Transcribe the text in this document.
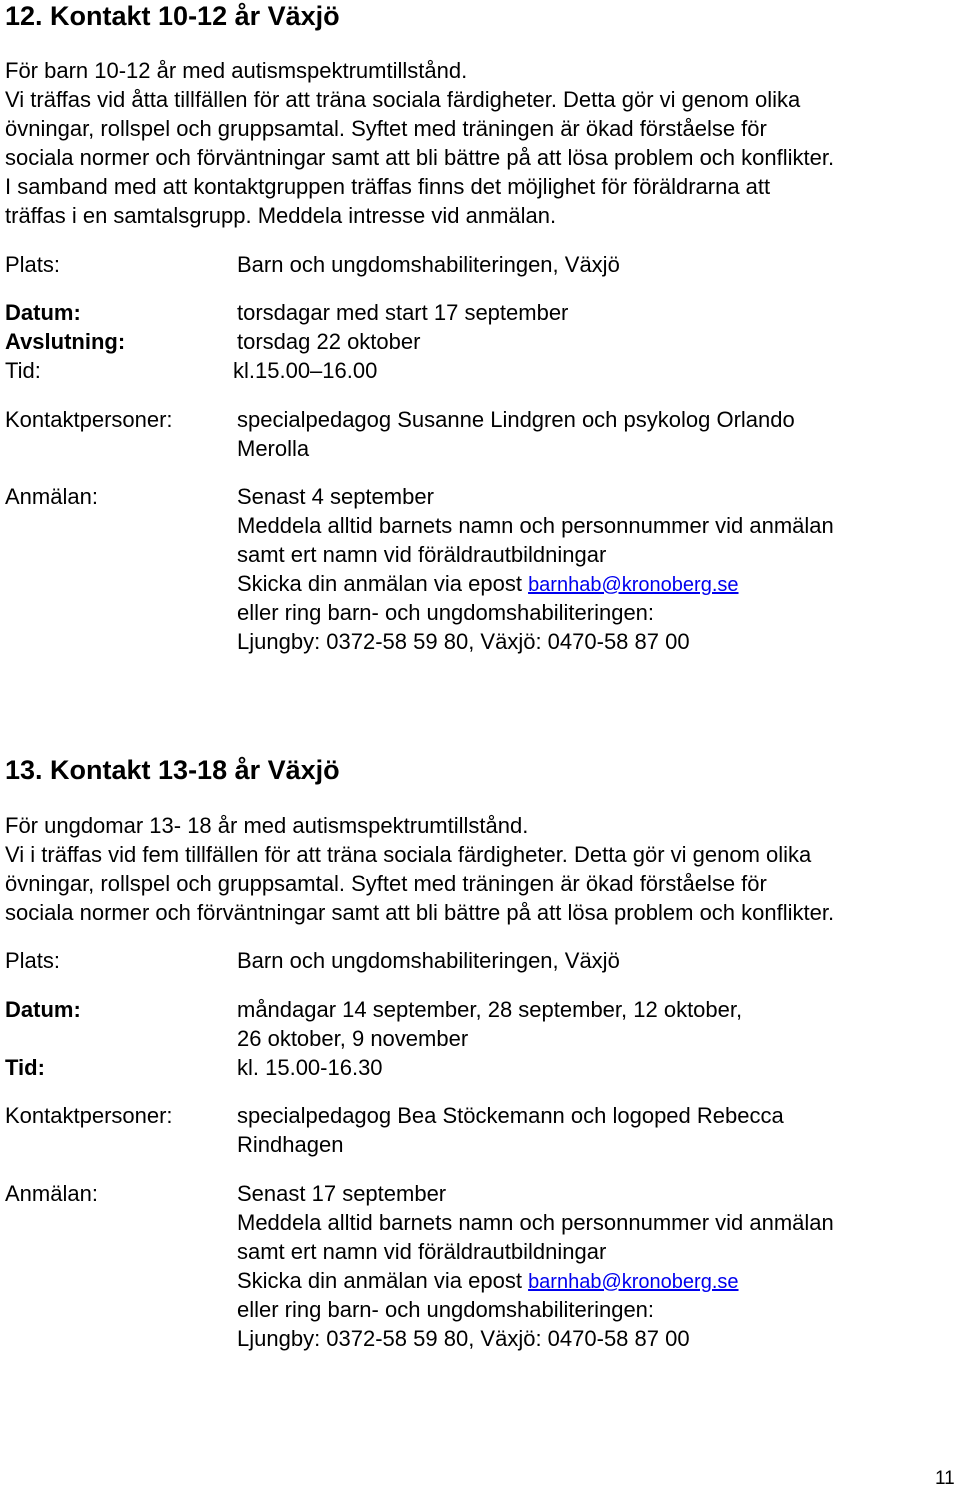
12. Kontakt 10-12 år Växjö
För barn 10-12 år med autismspektrumtillstånd.
Vi träffas vid åtta tillfällen för att träna sociala färdigheter. Detta gör vi genom olika
övningar, rollspel och gruppsamtal. Syftet med träningen är ökad förståelse för
sociala normer och förväntningar samt att bli bättre på att lösa problem och konflikter.
I samband med att kontaktgruppen träffas finns det möjlighet för föräldrarna att
träffas i en samtalsgrupp. Meddela intresse vid anmälan.
Plats:	Barn och ungdomshabiliteringen, Växjö
Datum:	torsdagar med start 17 september
Avslutning:	torsdag 22 oktober
Tid:	kl.15.00–16.00
Kontaktpersoner:	specialpedagog Susanne Lindgren och psykolog Orlando
Merolla
Anmälan:	Senast 4 september
Meddela alltid barnets namn och personnummer vid anmälan
samt ert namn vid föräldrautbildningar
Skicka din anmälan via epost barnhab@kronoberg.se
eller ring barn- och ungdomshabiliteringen:
Ljungby: 0372-58 59 80, Växjö: 0470-58 87 00
13. Kontakt 13-18 år Växjö
För ungdomar 13- 18 år med autismspektrumtillstånd.
Vi i träffas vid fem tillfällen för att träna sociala färdigheter. Detta gör vi genom olika
övningar, rollspel och gruppsamtal. Syftet med träningen är ökad förståelse för
sociala normer och förväntningar samt att bli bättre på att lösa problem och konflikter.
Plats:	Barn och ungdomshabiliteringen, Växjö
Datum:	måndagar 14 september, 28 september, 12 oktober,
26 oktober, 9 november
Tid:	kl. 15.00-16.30
Kontaktpersoner:	specialpedagog Bea Stöckemann och logoped Rebecca
Rindhagen
Anmälan:	Senast 17 september
Meddela alltid barnets namn och personnummer vid anmälan
samt ert namn vid föräldrautbildningar
Skicka din anmälan via epost barnhab@kronoberg.se
eller ring barn- och ungdomshabiliteringen:
Ljungby: 0372-58 59 80, Växjö: 0470-58 87 00
11
